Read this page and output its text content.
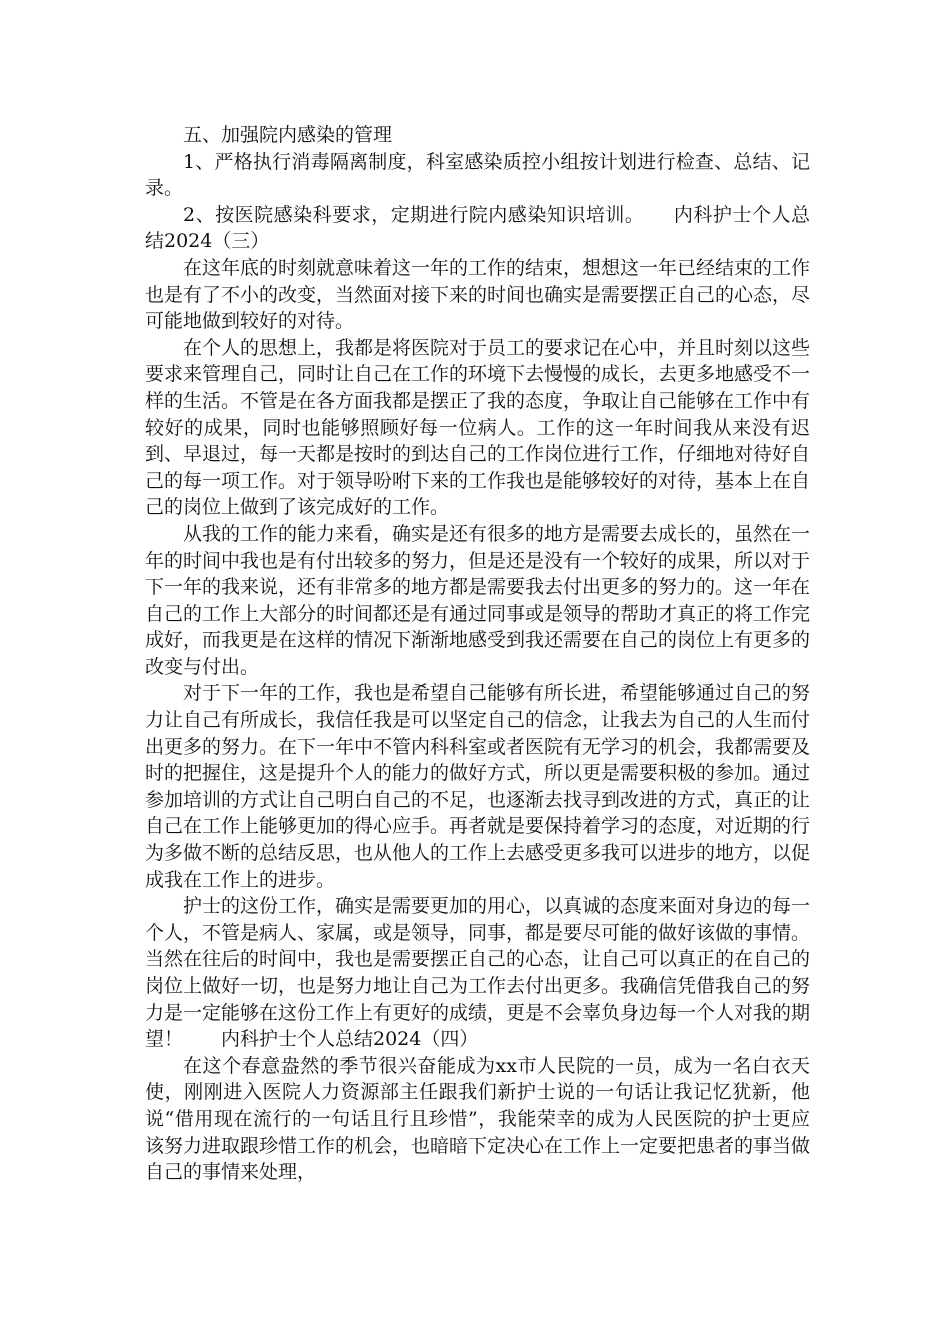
五、加强院内感染的管理

1、严格执行消毒隔离制度，科室感染质控小组按计划进行检查、总结、记录。

2、按医院感染科要求，定期进行院内感染知识培训。　　内科护士个人总结2024（三）

在这年底的时刻就意味着这一年的工作的结束，想想这一年已经结束的工作也是有了不小的改变，当然面对接下来的时间也确实是需要摆正自己的心态，尽可能地做到较好的对待。

在个人的思想上，我都是将医院对于员工的要求记在心中，并且时刻以这些要求来管理自己，同时让自己在工作的环境下去慢慢的成长，去更多地感受不一样的生活。不管是在各方面我都是摆正了我的态度，争取让自己能够在工作中有较好的成果，同时也能够照顾好每一位病人。工作的这一年时间我从来没有迟到、早退过，每一天都是按时的到达自己的工作岗位进行工作，仔细地对待好自己的每一项工作。对于领导吩咐下来的工作我也是能够较好的对待，基本上在自己的岗位上做到了该完成好的工作。

从我的工作的能力来看，确实是还有很多的地方是需要去成长的，虽然在一年的时间中我也是有付出较多的努力，但是还是没有一个较好的成果，所以对于下一年的我来说，还有非常多的地方都是需要我去付出更多的努力的。这一年在自己的工作上大部分的时间都还是有通过同事或是领导的帮助才真正的将工作完成好，而我更是在这样的情况下渐渐地感受到我还需要在自己的岗位上有更多的改变与付出。

对于下一年的工作，我也是希望自己能够有所长进，希望能够通过自己的努力让自己有所成长，我信任我是可以坚定自己的信念，让我去为自己的人生而付出更多的努力。在下一年中不管内科科室或者医院有无学习的机会，我都需要及时的把握住，这是提升个人的能力的做好方式，所以更是需要积极的参加。通过参加培训的方式让自己明白自己的不足，也逐渐去找寻到改进的方式，真正的让自己在工作上能够更加的得心应手。再者就是要保持着学习的态度，对近期的行为多做不断的总结反思，也从他人的工作上去感受更多我可以进步的地方，以促成我在工作上的进步。

护士的这份工作，确实是需要更加的用心，以真诚的态度来面对身边的每一个人，不管是病人、家属，或是领导，同事，都是要尽可能的做好该做的事情。当然在往后的时间中，我也是需要摆正自己的心态，让自己可以真正的在自己的岗位上做好一切，也是努力地让自己为工作去付出更多。我确信凭借我自己的努力是一定能够在这份工作上有更好的成绩，更是不会辜负身边每一个人对我的期望！　　内科护士个人总结2024（四）

在这个春意盎然的季节很兴奋能成为xx市人民院的一员，成为一名白衣天使，刚刚进入医院人力资源部主任跟我们新护士说的一句话让我记忆犹新，他说“借用现在流行的一句话且行且珍惜”，我能荣幸的成为人民医院的护士更应该努力进取跟珍惜工作的机会，也暗暗下定决心在工作上一定要把患者的事当做自己的事情来处理，
